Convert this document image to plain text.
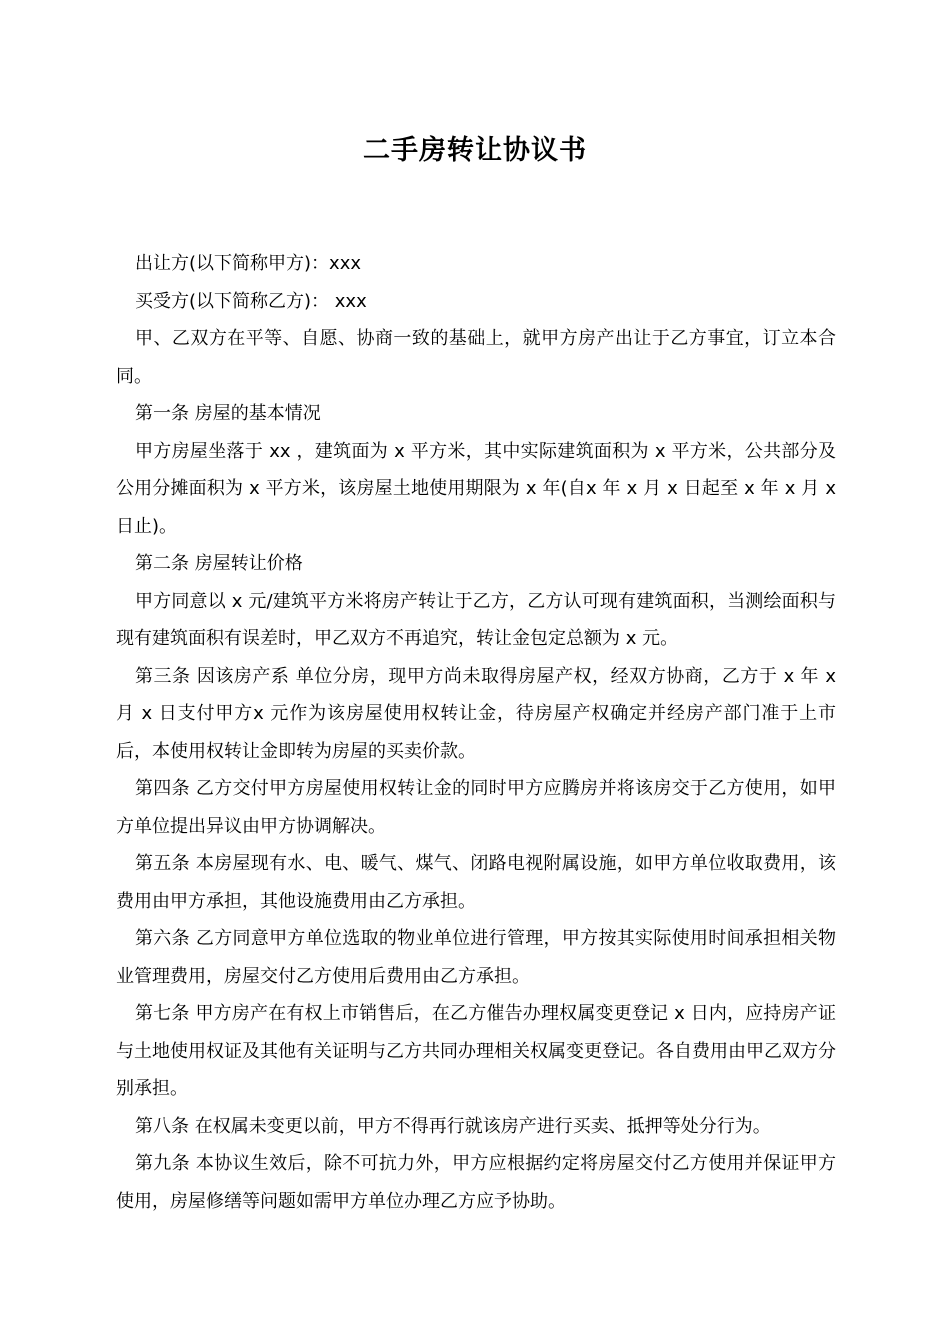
二手房转让协议书

出让方(以下简称甲方)：xxx

买受方(以下简称乙方)： xxx

甲、乙双方在平等、自愿、协商一致的基础上，就甲方房产出让于乙方事宜，订立本合同。

第一条 房屋的基本情况

甲方房屋坐落于 xx ，建筑面为 x 平方米，其中实际建筑面积为 x 平方米，公共部分及公用分摊面积为 x 平方米，该房屋土地使用期限为 x 年(自x 年 x 月 x 日起至 x 年 x 月 x 日止)。

第二条 房屋转让价格

甲方同意以 x 元/建筑平方米将房产转让于乙方，乙方认可现有建筑面积，当测绘面积与现有建筑面积有误差时，甲乙双方不再追究，转让金包定总额为 x 元。

第三条 因该房产系 单位分房，现甲方尚未取得房屋产权，经双方协商，乙方于 x 年 x 月 x 日支付甲方x 元作为该房屋使用权转让金，待房屋产权确定并经房产部门准于上市后，本使用权转让金即转为房屋的买卖价款。

第四条 乙方交付甲方房屋使用权转让金的同时甲方应腾房并将该房交于乙方使用，如甲方单位提出异议由甲方协调解决。

第五条 本房屋现有水、电、暖气、煤气、闭路电视附属设施，如甲方单位收取费用，该费用由甲方承担，其他设施费用由乙方承担。

第六条 乙方同意甲方单位选取的物业单位进行管理，甲方按其实际使用时间承担相关物业管理费用，房屋交付乙方使用后费用由乙方承担。

第七条 甲方房产在有权上市销售后，在乙方催告办理权属变更登记 x 日内，应持房产证与土地使用权证及其他有关证明与乙方共同办理相关权属变更登记。各自费用由甲乙双方分别承担。

第八条 在权属未变更以前，甲方不得再行就该房产进行买卖、抵押等处分行为。

第九条 本协议生效后，除不可抗力外，甲方应根据约定将房屋交付乙方使用并保证甲方使用，房屋修缮等问题如需甲方单位办理乙方应予协助。
